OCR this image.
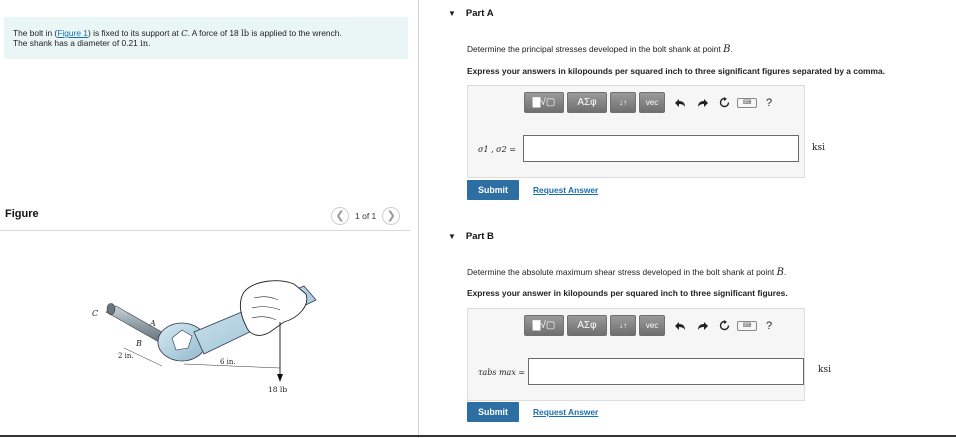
The bolt in (Figure 1) is fixed to its support at C. A force of 18 lb is applied to the wrench.
The shank has a diameter of 0.21 in.
Figure	❮	1 of 1 ❯
C
A
B
2 in.
6 in.
18 lb
▼ Part A
Determine the principal stresses developed in the bolt shank at point B.
Express your answers in kilopounds per squared inch to three significant figures separated by a comma.
▇√▢	ΑΣφ	↓↑	vec	⌨	?
σ1 , σ2 =	ksi
Submit	Request Answer
▼ Part B
Determine the absolute maximum shear stress developed in the bolt shank at point B.
Express your answer in kilopounds per squared inch to three significant figures.
▇√▢	ΑΣφ	↓↑	vec	⌨	?
τabs max =	ksi
Submit	Request Answer
